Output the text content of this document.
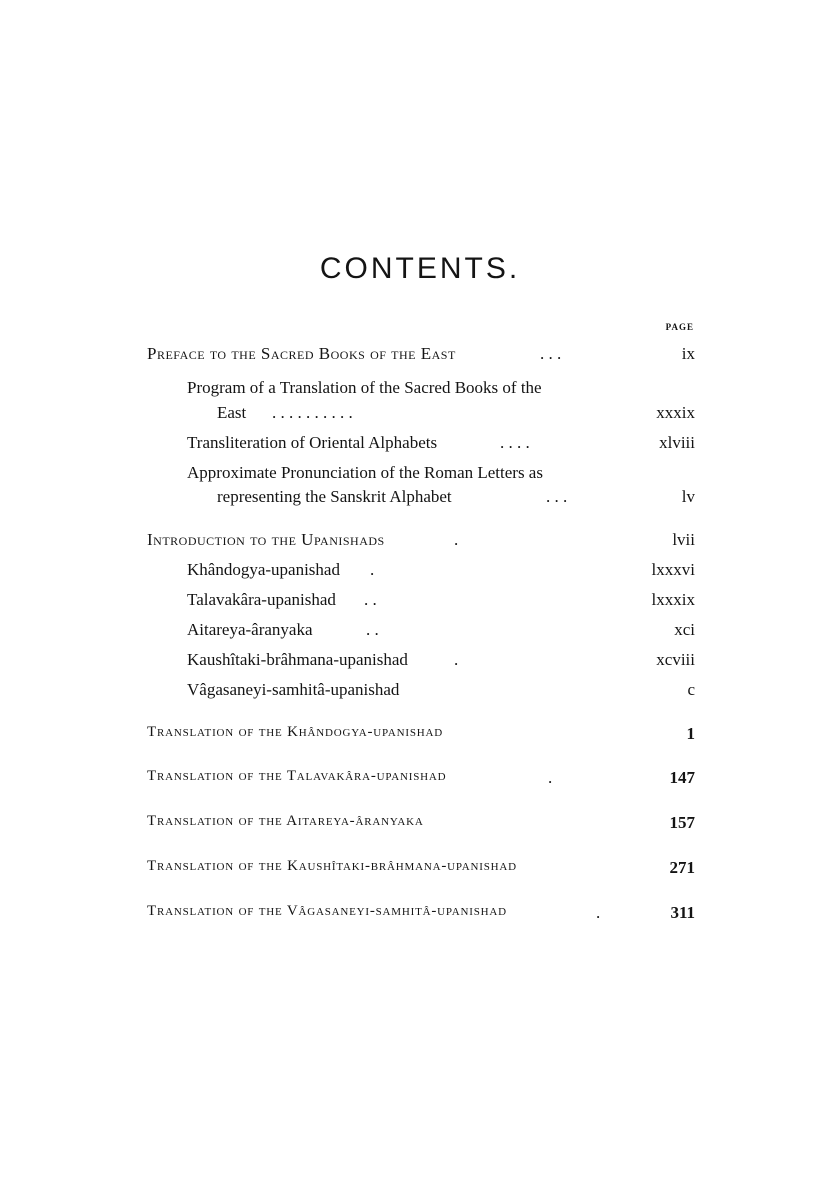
CONTENTS.
PAGE
Preface to the Sacred Books of the East	. . .	ix
Program of a Translation of the Sacred Books of the
East . . . . . . . . . .	xxxix
Transliteration of Oriental Alphabets	. . . .	xlviii
Approximate Pronunciation of the Roman Letters as
representing the Sanskrit Alphabet	. . .	lv
Introduction to the Upanishads	.	lvii
Khândogya-upanishad .	lxxxvi
Talavakâra-upanishad . .	lxxxix
Aitareya-âranyaka	. .	xci
Kaushîtaki-brâhmana-upanishad	.	xcviii
Vâgasaneyi-samhitâ-upanishad	c
Translation of the Khândogya-upanishad	1
Translation of the Talavakâra-upanishad	.	147
Translation of the Aitareya-âranyaka	157
Translation of the Kaushîtaki-brâhmana-upanishad	271
Translation of the Vâgasaneyi-samhitâ-upanishad	.	311
